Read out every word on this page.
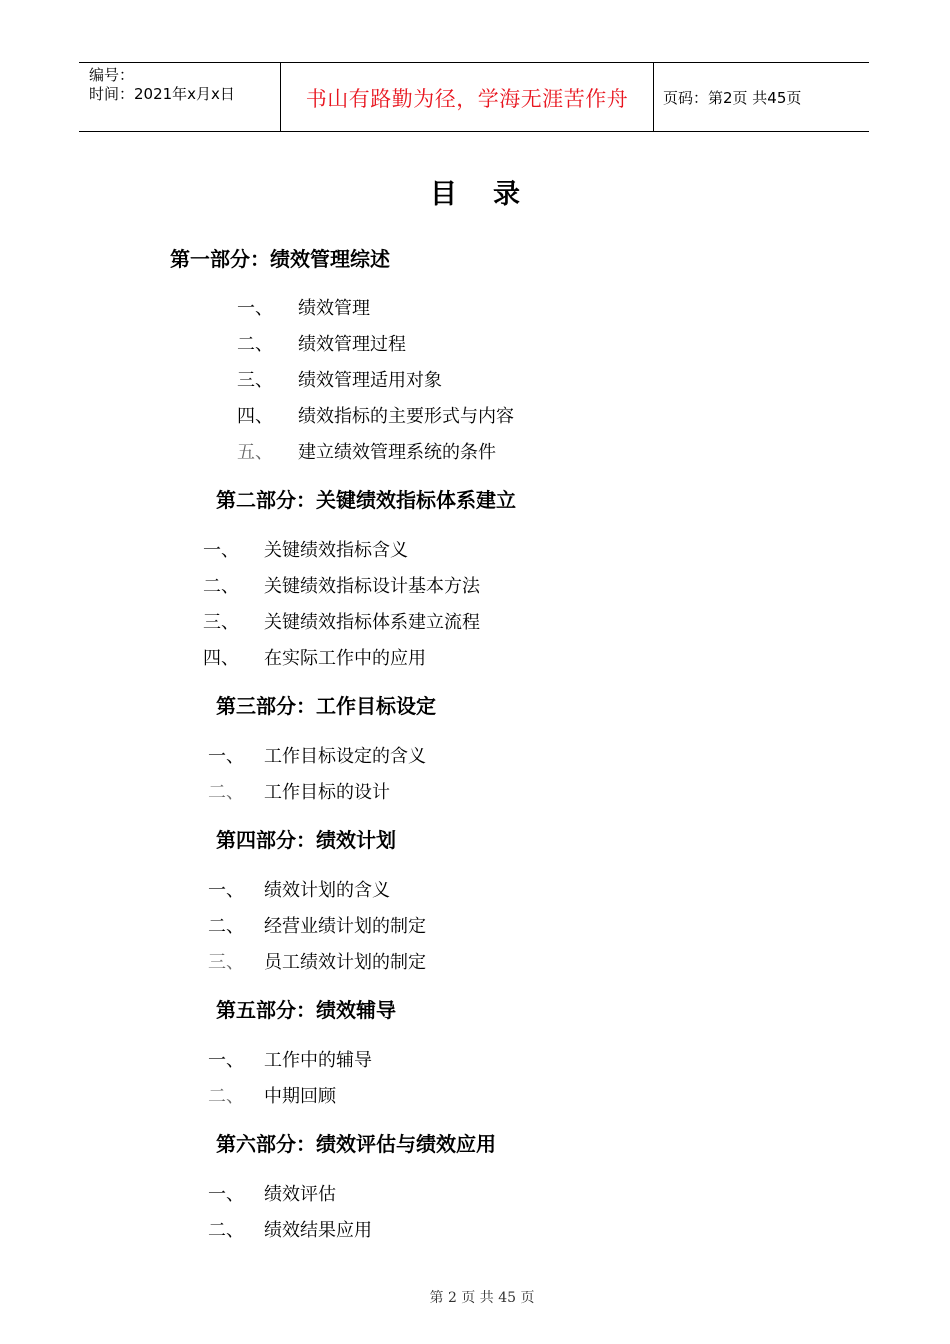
编号：
时间：2021年x月x日	书山有路勤为径，学海无涯苦作舟 页码：第2页 共45页
目录
第一部分：绩效管理综述
一、 绩效管理
二、 绩效管理过程
三、 绩效管理适用对象
四、 绩效指标的主要形式与内容
五、 建立绩效管理系统的条件
第二部分：关键绩效指标体系建立
一、 关键绩效指标含义
二、 关键绩效指标设计基本方法
三、 关键绩效指标体系建立流程
四、 在实际工作中的应用
第三部分：工作目标设定
一、 工作目标设定的含义
二、 工作目标的设计
第四部分：绩效计划
一、 绩效计划的含义
二、 经营业绩计划的制定
三、 员工绩效计划的制定
第五部分：绩效辅导
一、 工作中的辅导
二、 中期回顾
第六部分：绩效评估与绩效应用
一、 绩效评估
二、 绩效结果应用
第 2 页 共 45 页
